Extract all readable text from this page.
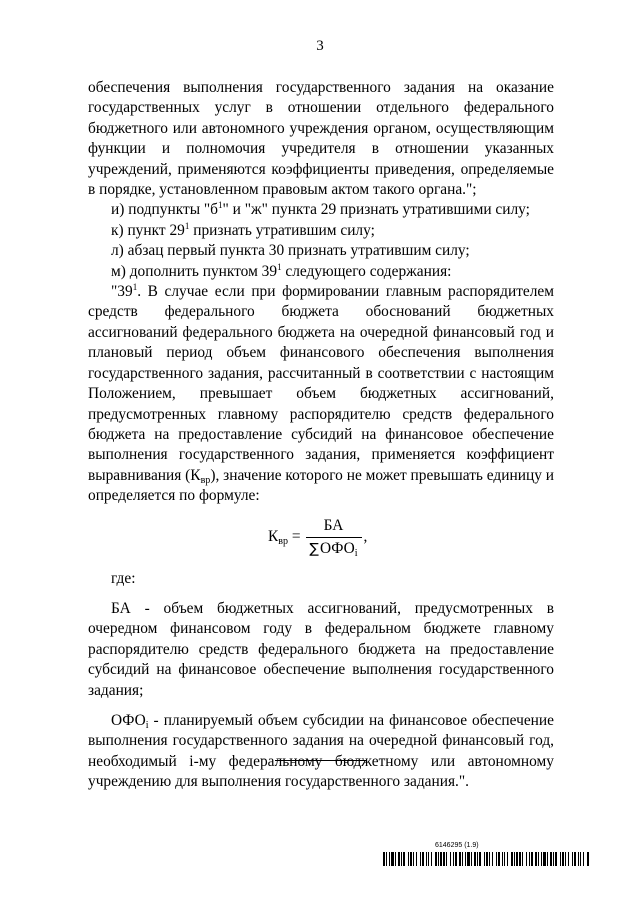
3

обеспечения выполнения государственного задания на оказание государственных услуг в отношении отдельного федерального бюджетного или автономного учреждения органом, осуществляющим функции и полномочия учредителя в отношении указанных учреждений, применяются коэффициенты приведения, определяемые в порядке, установленном правовым актом такого органа.";

и) подпункты "$б^1$" и "ж" пункта 29 признать утратившими силу;

к) пункт $29^1$ признать утратившим силу;

л) абзац первый пункта 30 признать утратившим силу;

м) дополнить пунктом $39^1$ следующего содержания:

"$39^1$. В случае если при формировании главным распорядителем средств федерального бюджета обоснований бюджетных ассигнований федерального бюджета на очередной финансовый год и плановый период объем финансового обеспечения выполнения государственного задания, рассчитанный в соответствии с настоящим Положением, превышает объем бюджетных ассигнований, предусмотренных главному распорядителю средств федерального бюджета на предоставление субсидий на финансовое обеспечение выполнения государственного задания, применяется коэффициент выравнивания $(К_{вр})$, значение которого не может превышать единицу и определяется по формуле:

$К_{вр} = \frac{БА}{\sum ОФО_i}$ ,

где:

БА - объем бюджетных ассигнований, предусмотренных в очередном финансовом году в федеральном бюджете главному распорядителю средств федерального бюджета на предоставление субсидий на финансовое обеспечение выполнения государственного задания;

$ОФО_i$ - планируемый объем субсидии на финансовое обеспечение выполнения государственного задания на очередной финансовый год, необходимый i-му федеральному бюджетному или автономному учреждению для выполнения государственного задания.".

6146295 (1.9)
